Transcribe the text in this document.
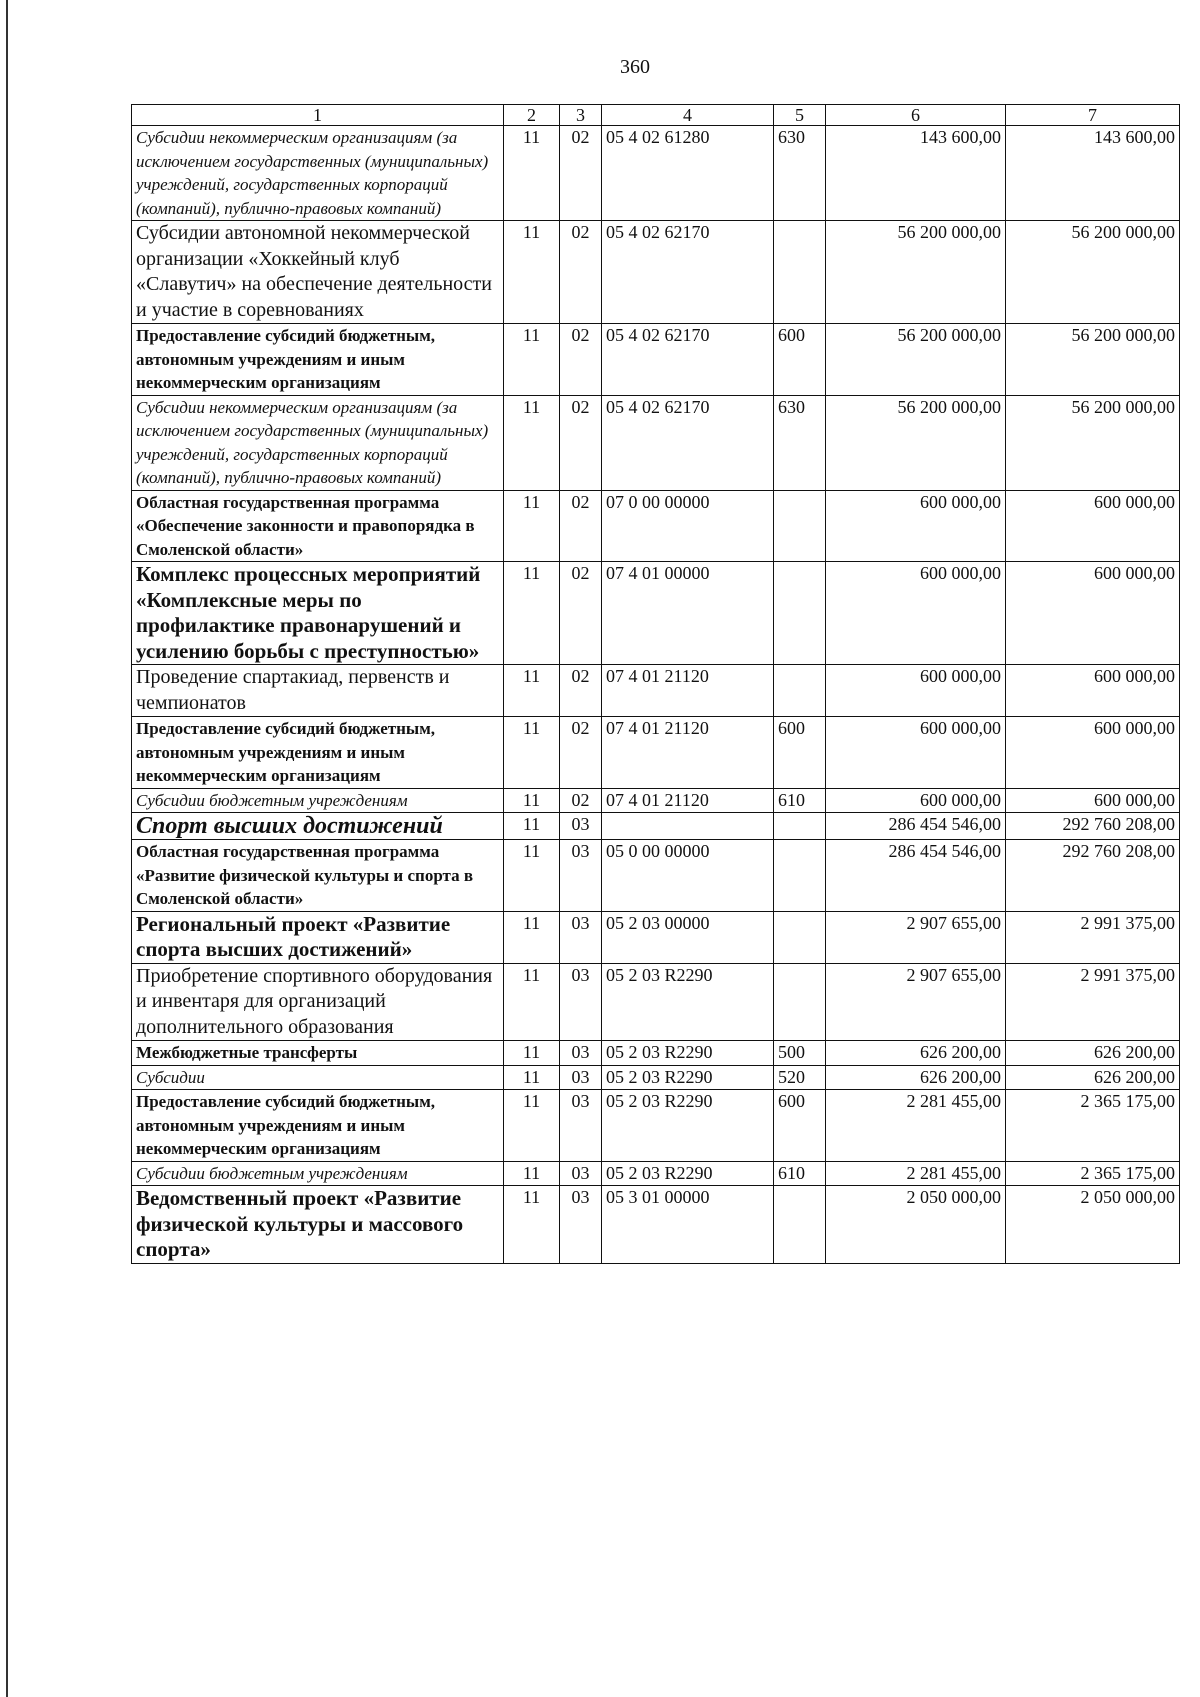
360
1	2	3	4	5	6	7
Субсидии некоммерческим организациям (за исключением государственных (муниципальных) учреждений, государственных корпораций (компаний), публично-правовых компаний)	11	02	05 4 02 61280	630	143 600,00	143 600,00
Субсидии автономной некоммерческой организации «Хоккейный клуб «Славутич» на обеспечение деятельности и участие в соревнованиях	11	02	05 4 02 62170		56 200 000,00	56 200 000,00
Предоставление субсидий бюджетным, автономным учреждениям и иным некоммерческим организациям	11	02	05 4 02 62170	600	56 200 000,00	56 200 000,00
Субсидии некоммерческим организациям (за исключением государственных (муниципальных) учреждений, государственных корпораций (компаний), публично-правовых компаний)	11	02	05 4 02 62170	630	56 200 000,00	56 200 000,00
Областная государственная программа «Обеспечение законности и правопорядка в Смоленской области»	11	02	07 0 00 00000		600 000,00	600 000,00
Комплекс процессных мероприятий «Комплексные меры по профилактике правонарушений и усилению борьбы с преступностью»	11	02	07 4 01 00000		600 000,00	600 000,00
Проведение спартакиад, первенств и чемпионатов	11	02	07 4 01 21120		600 000,00	600 000,00
Предоставление субсидий бюджетным, автономным учреждениям и иным некоммерческим организациям	11	02	07 4 01 21120	600	600 000,00	600 000,00
Субсидии бюджетным учреждениям	11	02	07 4 01 21120	610	600 000,00	600 000,00
Спорт высших достижений	11	03			286 454 546,00	292 760 208,00
Областная государственная программа «Развитие физической культуры и спорта в Смоленской области»	11	03	05 0 00 00000		286 454 546,00	292 760 208,00
Региональный проект «Развитие спорта высших достижений»	11	03	05 2 03 00000		2 907 655,00	2 991 375,00
Приобретение спортивного оборудования и инвентаря для организаций дополнительного образования	11	03	05 2 03 R2290		2 907 655,00	2 991 375,00
Межбюджетные трансферты	11	03	05 2 03 R2290	500	626 200,00	626 200,00
Субсидии	11	03	05 2 03 R2290	520	626 200,00	626 200,00
Предоставление субсидий бюджетным, автономным учреждениям и иным некоммерческим организациям	11	03	05 2 03 R2290	600	2 281 455,00	2 365 175,00
Субсидии бюджетным учреждениям	11	03	05 2 03 R2290	610	2 281 455,00	2 365 175,00
Ведомственный проект «Развитие физической культуры и массового спорта»	11	03	05 3 01 00000		2 050 000,00	2 050 000,00
